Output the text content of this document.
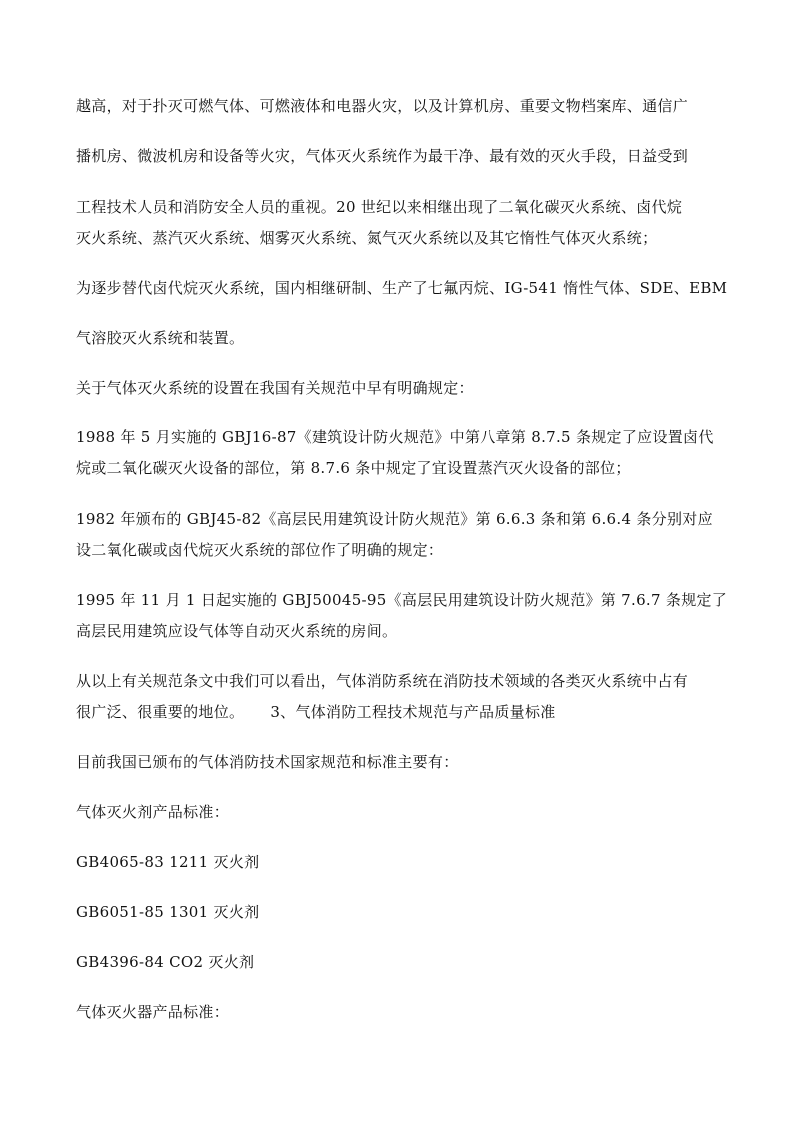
越高，对于扑灭可燃气体、可燃液体和电器火灾，以及计算机房、重要文物档案库、通信广
播机房、微波机房和设备等火灾，气体灭火系统作为最干净、最有效的灭火手段，日益受到
工程技术人员和消防安全人员的重视。20 世纪以来相继出现了二氧化碳灭火系统、卤代烷
灭火系统、蒸汽灭火系统、烟雾灭火系统、氮气灭火系统以及其它惰性气体灭火系统；
为逐步替代卤代烷灭火系统，国内相继研制、生产了七氟丙烷、IG-541 惰性气体、SDE、EBM
气溶胶灭火系统和装置。
关于气体灭火系统的设置在我国有关规范中早有明确规定：
1988 年 5 月实施的 GBJ16-87《建筑设计防火规范》中第八章第 8.7.5 条规定了应设置卤代
烷或二氧化碳灭火设备的部位，第 8.7.6 条中规定了宜设置蒸汽灭火设备的部位；
1982 年颁布的 GBJ45-82《高层民用建筑设计防火规范》第 6.6.3 条和第 6.6.4 条分别对应
设二氧化碳或卤代烷灭火系统的部位作了明确的规定：
1995 年 11 月 1 日起实施的 GBJ50045-95《高层民用建筑设计防火规范》第 7.6.7 条规定了
高层民用建筑应设气体等自动灭火系统的房间。
从以上有关规范条文中我们可以看出，气体消防系统在消防技术领域的各类灭火系统中占有
很广泛、很重要的地位。 3、气体消防工程技术规范与产品质量标准
目前我国已颁布的气体消防技术国家规范和标准主要有：
气体灭火剂产品标准：
GB4065-83 1211 灭火剂
GB6051-85 1301 灭火剂
GB4396-84 CO2 灭火剂
气体灭火器产品标准：
